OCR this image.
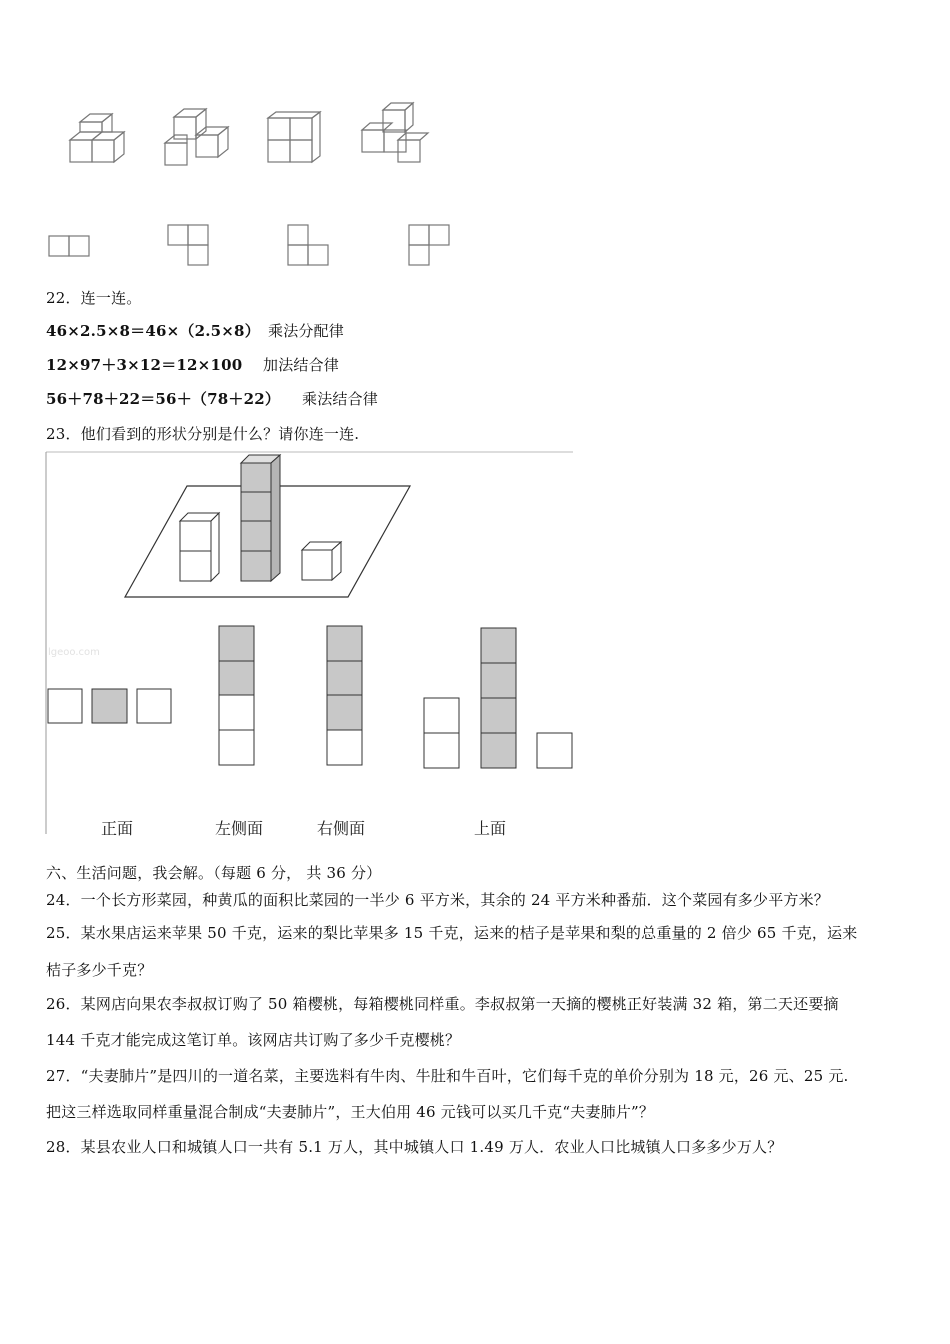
22．连一连。
46×2.5×8＝46×（2.5×8） 乘法分配律
12×97＋3×12＝12×100 加法结合律
56＋78＋22＝56＋（78＋22） 乘法结合律
23．他们看到的形状分别是什么？请你连一连.
lgeoo.com
正面	左侧面	右侧面	上面
六、生活问题，我会解。（每题 6 分， 共 36 分）
24．一个长方形菜园，种黄瓜的面积比菜园的一半少 6 平方米，其余的 24 平方米种番茄．这个菜园有多少平方米？
25．某水果店运来苹果 50 千克，运来的梨比苹果多 15 千克，运来的桔子是苹果和梨的总重量的 2 倍少 65 千克，运来
桔子多少千克？
26．某网店向果农李叔叔订购了 50 箱樱桃，每箱樱桃同样重。李叔叔第一天摘的樱桃正好装满 32 箱，第二天还要摘
144 千克才能完成这笔订单。该网店共订购了多少千克樱桃？
27．“夫妻肺片”是四川的一道名菜，主要选料有牛肉、牛肚和牛百叶，它们每千克的单价分别为 18 元，26 元、25 元.
把这三样选取同样重量混合制成“夫妻肺片”，王大伯用 46 元钱可以买几千克“夫妻肺片”？
28．某县农业人口和城镇人口一共有 5.1 万人，其中城镇人口 1.49 万人．农业人口比城镇人口多多少万人？
